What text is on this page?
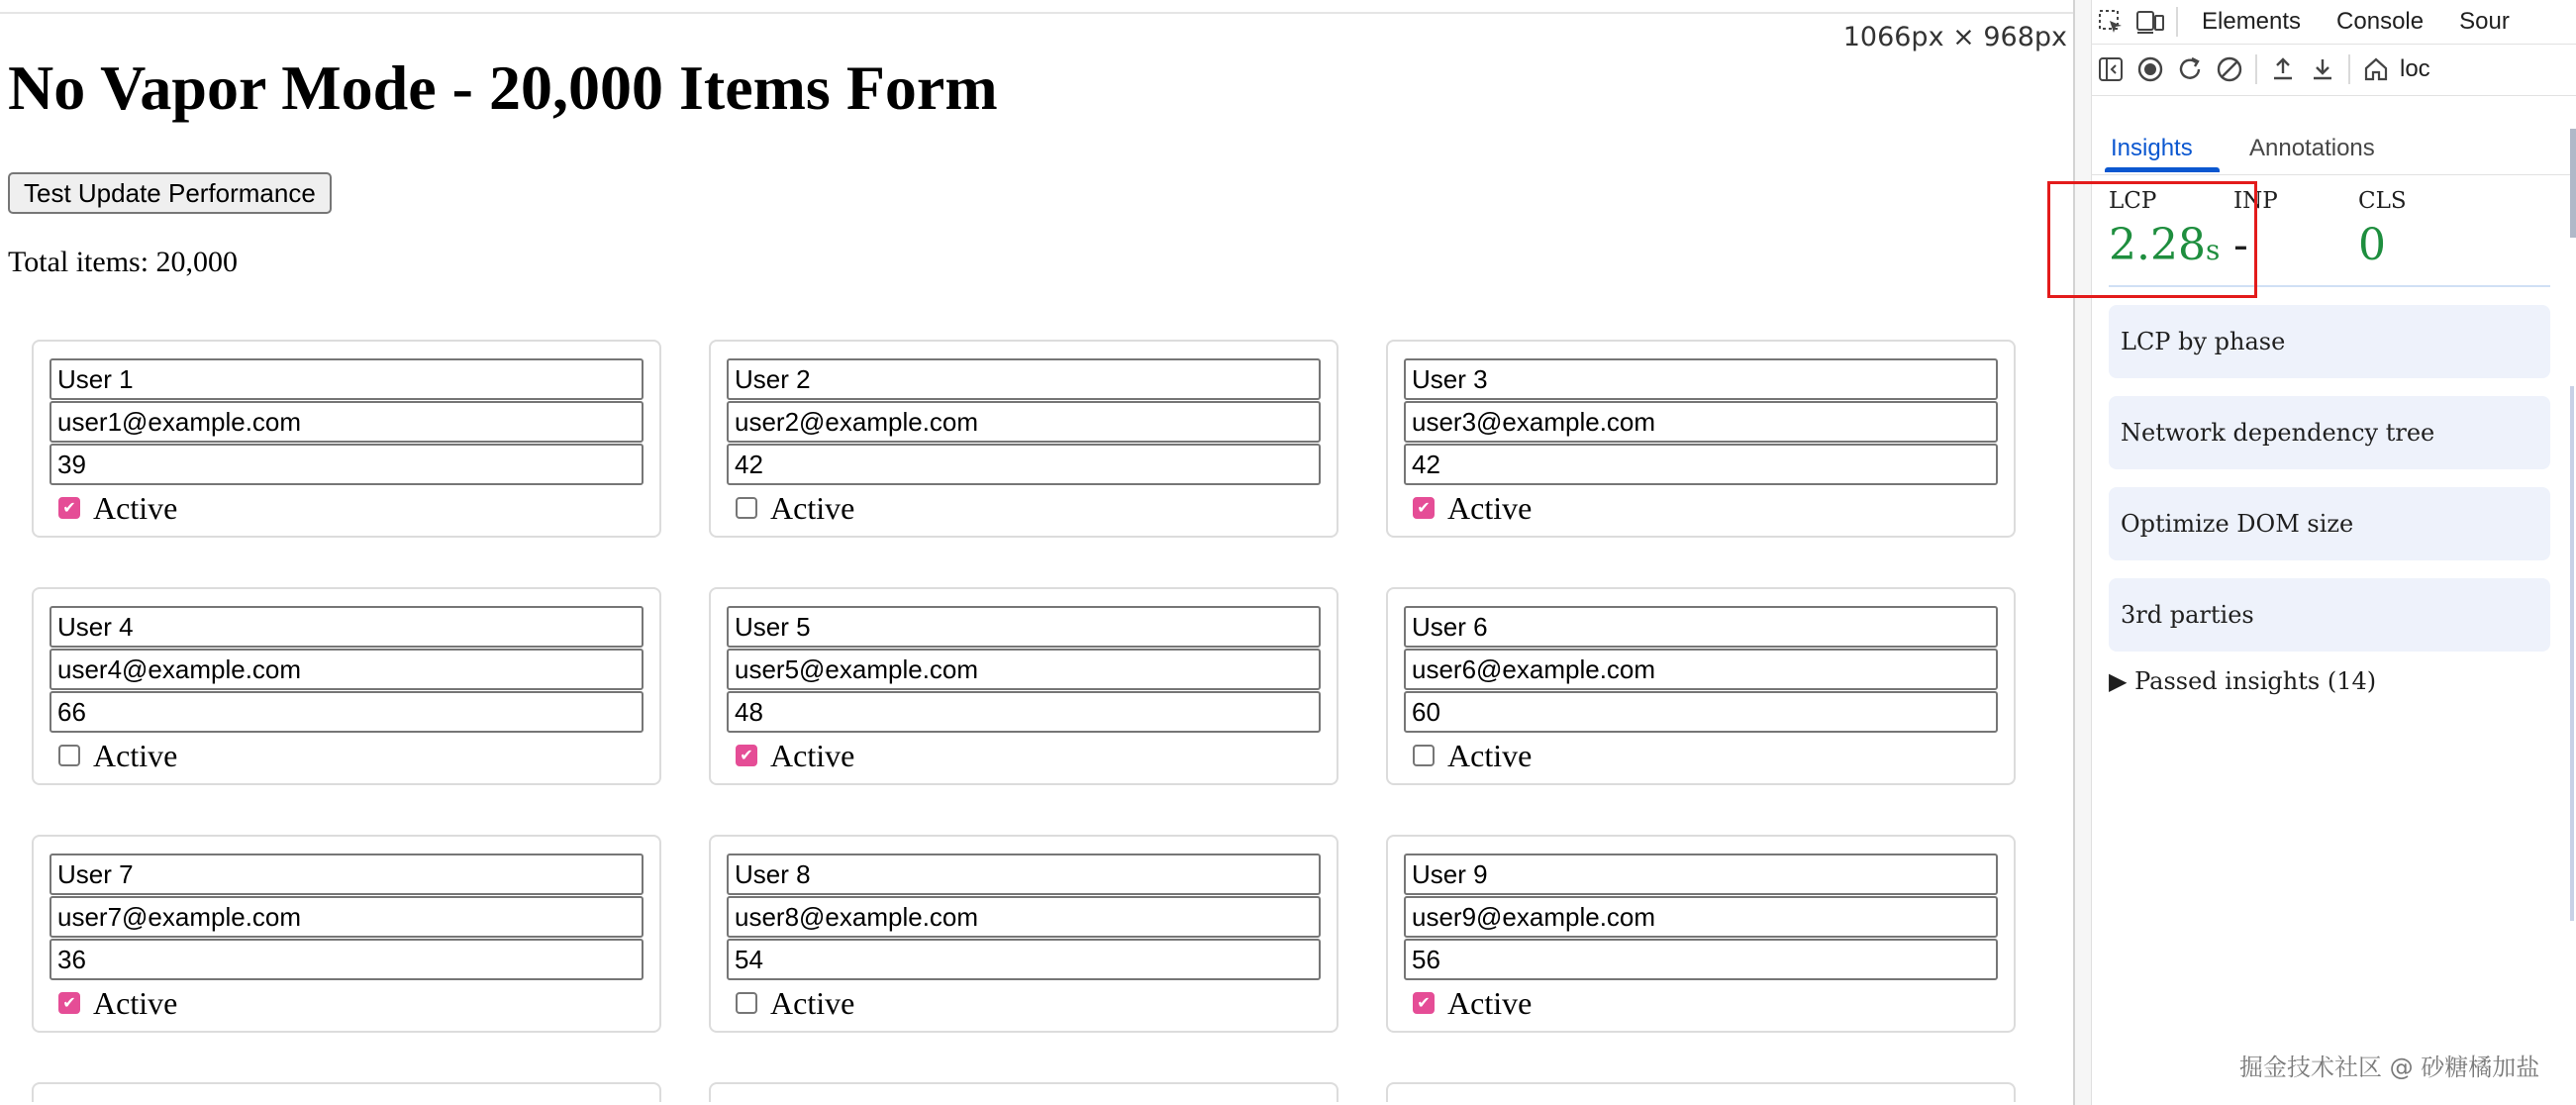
1066px × 968px
No Vapor Mode - 20,000 Items Form
Test Update Performance

Total items: 20,000

User 1
user1@example.com
39
✔ Active
User 2
user2@example.com
42	Active
User 3
user3@example.com
42	✔ Active
User 4
user4@example.com
66
Active
User 5
user5@example.com
48	✔ Active
User 6
user6@example.com
60	Active
User 7
user7@example.com
36
✔ Active
User 8
user8@example.com
54	Active
User 9
user9@example.com
56	✔ Active
Elements	Console	Sour
loc
Insights Annotations
LCP	INP	CLS
2.28s -	0
LCP by phase
Network dependency tree
Optimize DOM size
3rd parties
▶ Passed insights (14)
掘金技术社区 @ 砂糖橘加盐
